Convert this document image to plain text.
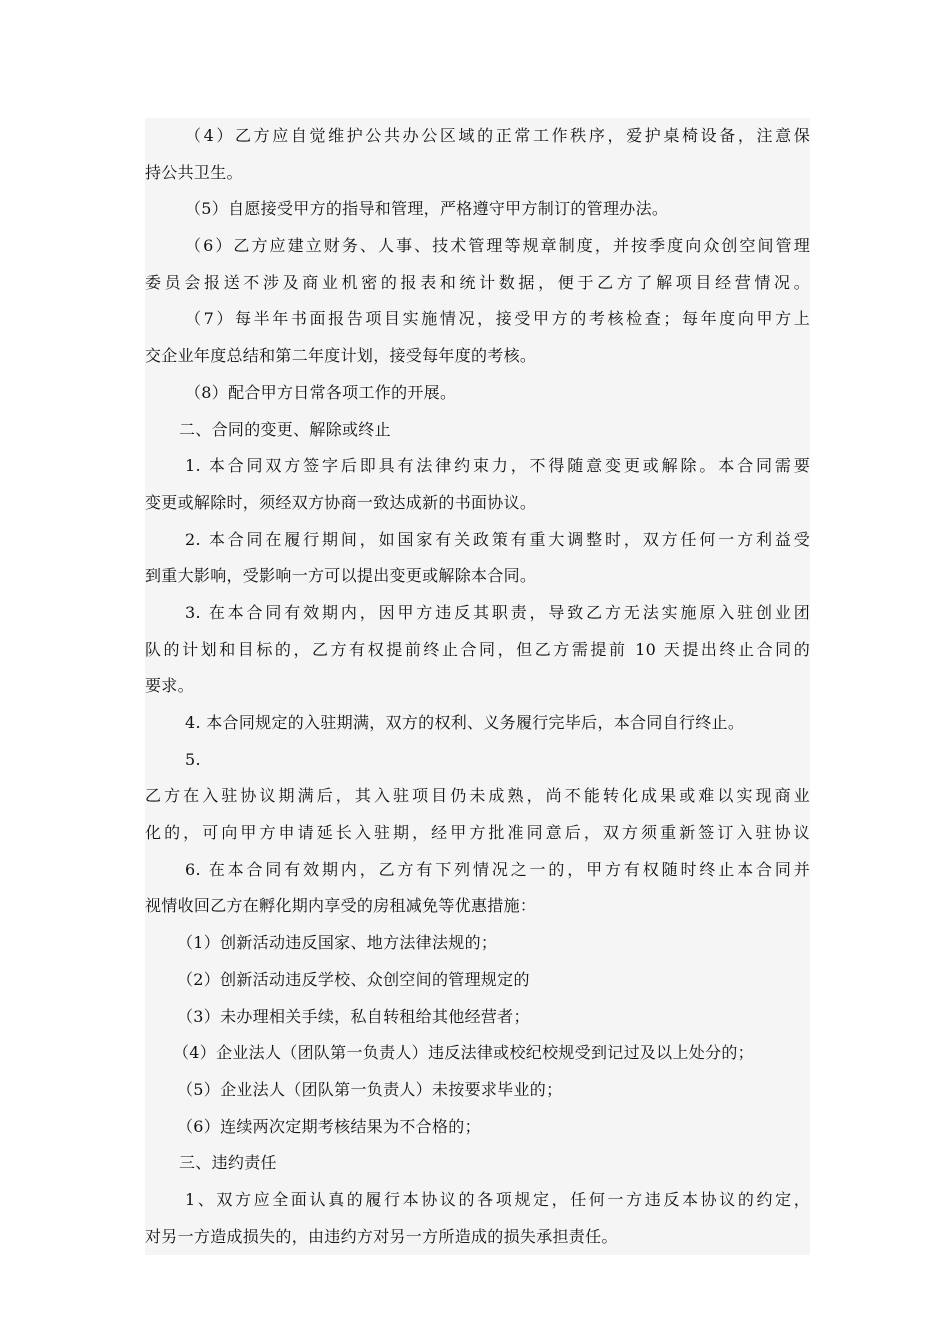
（4）乙方应自觉维护公共办公区域的正常工作秩序，爱护桌椅设备，注意保
持公共卫生。
（5）自愿接受甲方的指导和管理，严格遵守甲方制订的管理办法。
（6）乙方应建立财务、人事、技术管理等规章制度，并按季度向众创空间管理
委员会报送不涉及商业机密的报表和统计数据，便于乙方了解项目经营情况。
（7）每半年书面报告项目实施情况，接受甲方的考核检查；每年度向甲方上
交企业年度总结和第二年度计划，接受每年度的考核。
（8）配合甲方日常各项工作的开展。
二、合同的变更、解除或终止
1. 本合同双方签字后即具有法律约束力，不得随意变更或解除。本合同需要
变更或解除时，须经双方协商一致达成新的书面协议。
2. 本合同在履行期间，如国家有关政策有重大调整时，双方任何一方利益受
到重大影响，受影响一方可以提出变更或解除本合同。
3. 在本合同有效期内，因甲方违反其职责，导致乙方无法实施原入驻创业团
队的计划和目标的，乙方有权提前终止合同，但乙方需提前 10 天提出终止合同的
要求。
4. 本合同规定的入驻期满，双方的权利、义务履行完毕后，本合同自行终止。
5.
乙方在入驻协议期满后，其入驻项目仍未成熟，尚不能转化成果或难以实现商业
化的，可向甲方申请延长入驻期，经甲方批准同意后，双方须重新签订入驻协议
6. 在本合同有效期内，乙方有下列情况之一的，甲方有权随时终止本合同并
视情收回乙方在孵化期内享受的房租减免等优惠措施：
（1）创新活动违反国家、地方法律法规的；
（2）创新活动违反学校、众创空间的管理规定的
（3）未办理相关手续，私自转租给其他经营者；
（4）企业法人（团队第一负责人）违反法律或校纪校规受到记过及以上处分的；
（5）企业法人（团队第一负责人）未按要求毕业的；
（6）连续两次定期考核结果为不合格的；
三、违约责任
1、双方应全面认真的履行本协议的各项规定，任何一方违反本协议的约定，
对另一方造成损失的，由违约方对另一方所造成的损失承担责任。
